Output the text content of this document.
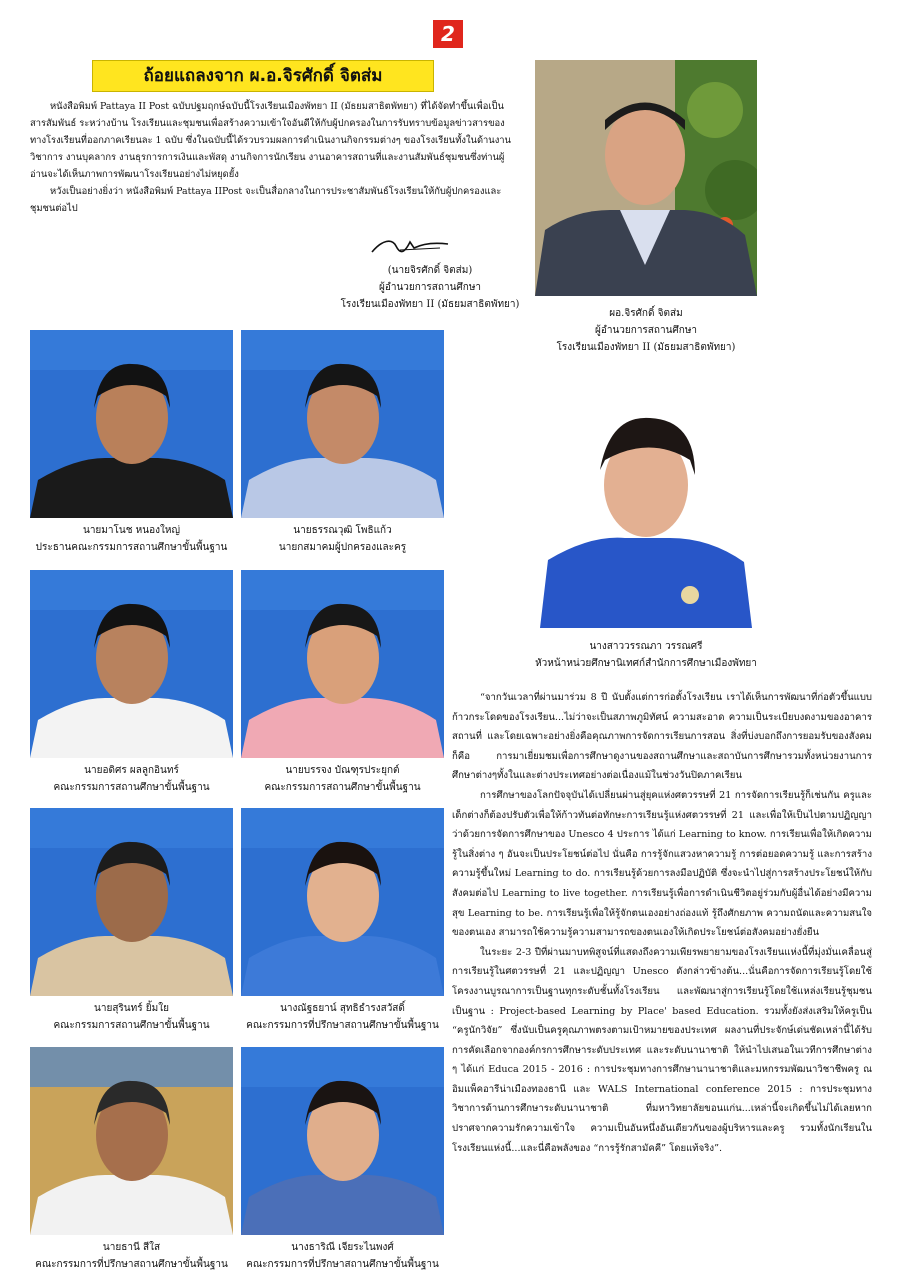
2
ถ้อยแถลงจาก ผ.อ.จิรศักดิ์ จิตส่ม

หนังสือพิมพ์ Pattaya II Post ฉบับปฐมฤกษ์ฉบับนี้โรงเรียนเมืองพัทยา II (มัธยมสาธิตพัทยา) ที่ได้จัดทำขึ้นเพื่อเป็นสารสัมพันธ์ ระหว่างบ้าน โรงเรียนและชุมชนเพื่อสร้างความเข้าใจอันดีให้กับผู้ปกครองในการรับทราบข้อมูลข่าวสารของทางโรงเรียนที่ออกภาคเรียนละ 1 ฉบับ ซึ่งในฉบับนี้ได้รวบรวมผลการดำเนินงานกิจกรรมต่างๆ ของโรงเรียนทั้งในด้านงานวิชาการ งานบุคลากร งานธุรการการเงินและพัสดุ งานกิจการนักเรียน งานอาคารสถานที่และงานสัมพันธ์ชุมชนซึ่งท่านผู้อ่านจะได้เห็นภาพการพัฒนาโรงเรียนอย่างไม่หยุดยั้ง

หวังเป็นอย่างยิ่งว่า หนังสือพิมพ์ Pattaya IIPost จะเป็นสื่อกลางในการประชาสัมพันธ์โรงเรียนให้กับผู้ปกครองและชุมชนต่อไป

(นายจิรศักดิ์ จิตส่ม)
ผู้อำนวยการสถานศึกษา
โรงเรียนเมืองพัทยา II (มัธยมสาธิตพัทยา)
ผอ.จิรศักดิ์ จิตส่ม
ผู้อำนวยการสถานศึกษา
โรงเรียนเมืองพัทยา II (มัธยมสาธิตพัทยา)
นางสาววรรณภา วรรณศรี
หัวหน้าหน่วยศึกษานิเทศก์สำนักการศึกษาเมืองพัทยา
นายมาโนช หนองใหญ่
ประธานคณะกรรมการสถานศึกษาขั้นพื้นฐาน
นายธรรณวุฒิ โพธิแก้ว
นายกสมาคมผู้ปกครองและครู
นายอดิศร ผลลูกอินทร์
คณะกรรมการสถานศึกษาขั้นพื้นฐาน
นายบรรจง บัณฑุรประยุกต์
คณะกรรมการสถานศึกษาขั้นพื้นฐาน
นายสุรินทร์ ยิ้มใย
คณะกรรมการสถานศึกษาขั้นพื้นฐาน
นางณัฐธยาน์ สุทธิธำรงสวัสดิ์
คณะกรรมการที่ปรึกษาสถานศึกษาขั้นพื้นฐาน
นายธานี สีใส
คณะกรรมการที่ปรึกษาสถานศึกษาขั้นพื้นฐาน
นางธาริณี เจียระไนพงศ์
คณะกรรมการที่ปรึกษาสถานศึกษาขั้นพื้นฐาน

“จากวันเวลาที่ผ่านมาร่วม 8 ปี นับตั้งแต่การก่อตั้งโรงเรียน เราได้เห็นการพัฒนาที่ก่อตัวขึ้นแบบก้าวกระโดดของโรงเรียน...ไม่ว่าจะเป็นสภาพภูมิทัศน์ ความสะอาด ความเป็นระเบียบงดงามของอาคารสถานที่ และโดยเฉพาะอย่างยิ่งคือคุณภาพการจัดการเรียนการสอน สิ่งที่บ่งบอกถึงการยอมรับของสังคมก็คือ การมาเยี่ยมชมเพื่อการศึกษาดูงานของสถานศึกษาและสถาบันการศึกษารวมทั้งหน่วยงานการศึกษาต่างๆทั้งในและต่างประเทศอย่างต่อเนื่องแม้ในช่วงวันปิดภาคเรียน

การศึกษาของโลกปัจจุบันได้เปลี่ยนผ่านสู่ยุคแห่งศตวรรษที่ 21 การจัดการเรียนรู้ก็เช่นกัน ครูและเด็กต่างก็ต้องปรับตัวเพื่อให้ก้าวทันต่อทักษะการเรียนรู้แห่งศตวรรษที่ 21 และเพื่อให้เป็นไปตามปฏิญญาว่าด้วยการจัดการศึกษาของ Unesco 4 ประการ ได้แก่ Learning to know. การเรียนเพื่อให้เกิดความรู้ในสิ่งต่าง ๆ อันจะเป็นประโยชน์ต่อไป นั่นคือ การรู้จักแสวงหาความรู้ การต่อยอดความรู้ และการสร้างความรู้ขึ้นใหม่ Learning to do. การเรียนรู้ด้วยการลงมือปฏิบัติ ซึ่งจะนำไปสู่การสร้างประโยชน์ให้กับสังคมต่อไป Learning to live together. การเรียนรู้เพื่อการดำเนินชีวิตอยู่ร่วมกับผู้อื่นได้อย่างมีความสุข Learning to be. การเรียนรู้เพื่อให้รู้จักตนเองอย่างถ่องแท้ รู้ถึงศักยภาพ ความถนัดและความสนใจของตนเอง สามารถใช้ความรู้ความสามารถของตนเองให้เกิดประโยชน์ต่อสังคมอย่างยั่งยืน

ในระยะ 2-3 ปีที่ผ่านมาบทพิสูจน์ที่แสดงถึงความเพียรพยายามของโรงเรียนแห่งนี้ที่มุ่งมั่นเคลื่อนสู่การเรียนรู้ในศตวรรษที่ 21 และปฏิญญา Unesco ดังกล่าวข้างต้น...นั่นคือการจัดการเรียนรู้โดยใช้โครงงานบูรณาการเป็นฐานทุกระดับชั้นทั้งโรงเรียน และพัฒนาสู่การเรียนรู้โดยใช้แหล่งเรียนรู้ชุมชนเป็นฐาน : Project-based Learning by Place' based Education. รวมทั้งยังส่งเสริมให้ครูเป็น “ครูนักวิจัย” ซึ่งนับเป็นครูคุณภาพตรงตามเป้าหมายของประเทศ ผลงานที่ประจักษ์เด่นชัดเหล่านี้ได้รับการคัดเลือกจากองค์กรการศึกษาระดับประเทศ และระดับนานาชาติ ให้นำไปเสนอในเวทีการศึกษาต่าง ๆ ได้แก่ Educa 2015 - 2016 : การประชุมทางการศึกษานานาชาติและมหกรรมพัฒนาวิชาชีพครู ณ อิมแพ็คอารีน่าเมืองทองธานี และ WALS International conference 2015 : การประชุมทางวิชาการด้านการศึกษาระดับนานาชาติ ที่มหาวิทยาลัยขอนแก่น...เหล่านี้จะเกิดขึ้นไม่ได้เลยหากปราศจากความรักความเข้าใจ ความเป็นอันหนึ่งอันเดียวกันของผู้บริหารและครู รวมทั้งนักเรียนในโรงเรียนแห่งนี้...และนี่คือพลังของ “การรู้รักสามัคคี” โดยแท้จริง”.
